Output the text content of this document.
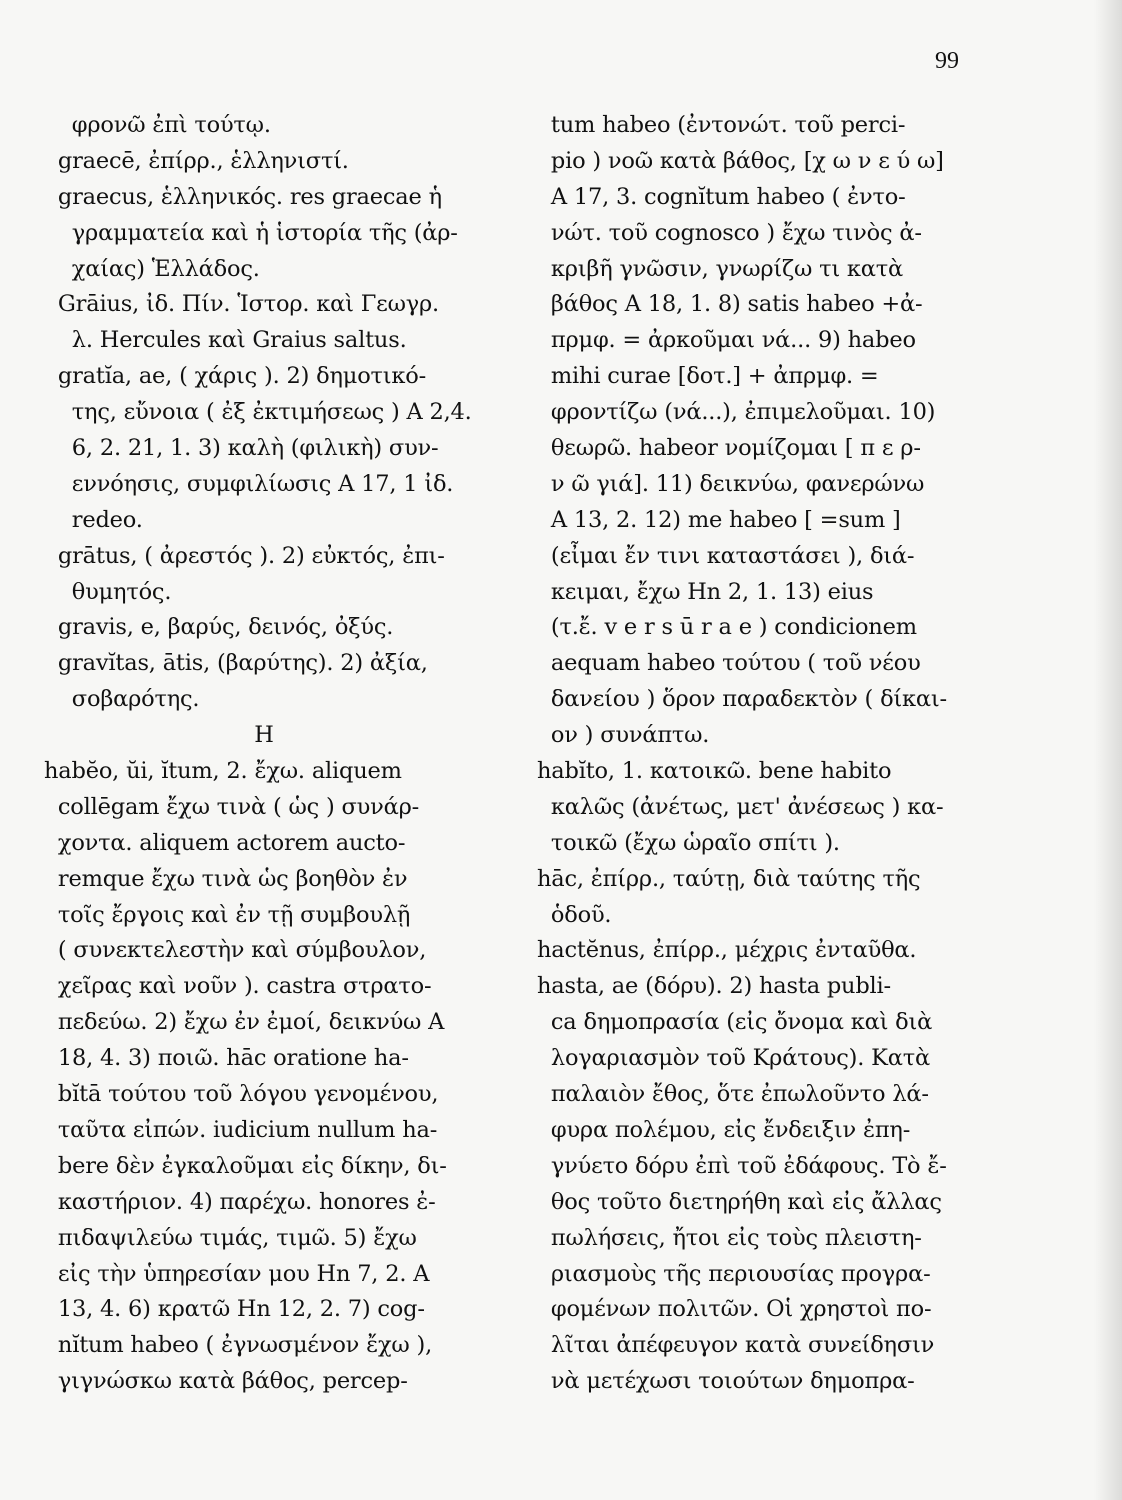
99
φρονῶ ἐπὶ τούτῳ.
graecē, ἐπίρρ., ἑλληνιστί.
graecus, ἑλληνικός. res graecae ἡ
γραμματεία καὶ ἡ ἱστορία τῆς (ἀρ-
χαίας) Ἑλλάδος.
Grāius, ἰδ. Πίν. Ἱστορ. καὶ Γεωγρ.
λ. Hercules καὶ Graius saltus.
gratĭa, ae, ( χάρις ). 2) δημοτικό-
της, εὔνοια ( ἐξ ἐκτιμήσεως ) A 2,4.
6, 2. 21, 1. 3) καλὴ (φιλικὴ) συν-
εννόησις, συμφιλίωσις A 17, 1 ἰδ.
redeo.
grātus, ( ἀρεστός ). 2) εὐκτός, ἐπι-
θυμητός.
gravis, e, βαρύς, δεινός, ὀξύς.
gravĭtas, ātis, (βαρύτης). 2) ἀξία,
σοβαρότης.
H
habĕo, ŭi, ĭtum, 2. ἔχω. aliquem
collēgam ἔχω τινὰ ( ὡς ) συνάρ-
χοντα. aliquem actorem aucto-
remque ἔχω τινὰ ὡς βοηθὸν ἐν
τοῖς ἔργοις καὶ ἐν τῇ συμβουλῇ
( συνεκτελεστὴν καὶ σύμβουλον,
χεῖρας καὶ νοῦν ). castra στρατο-
πεδεύω. 2) ἔχω ἐν ἐμοί, δεικνύω A
18, 4. 3) ποιῶ. hāc oratione ha-
bĭtā τούτου τοῦ λόγου γενομένου,
ταῦτα εἰπών. iudicium nullum ha-
bere δὲν ἐγκαλοῦμαι εἰς δίκην, δι-
καστήριον. 4) παρέχω. honores ἐ-
πιδαψιλεύω τιμάς, τιμῶ. 5) ἔχω
εἰς τὴν ὑπηρεσίαν μου Hn 7, 2. A
13, 4. 6) κρατῶ Hn 12, 2. 7) cog-
nĭtum habeo ( ἐγνωσμένον ἔχω ),
γιγνώσκω κατὰ βάθος, percep-
tum habeo (ἐντονώτ. τοῦ perci-
pio ) νοῶ κατὰ βάθος, [χ ω ν ε ύ ω]
A 17, 3. cognĭtum habeo ( ἐντο-
νώτ. τοῦ cognosco ) ἔχω τινὸς ἀ-
κριβῆ γνῶσιν, γνωρίζω τι κατὰ
βάθος A 18, 1. 8) satis habeo +ἀ-
πρμφ. = ἀρκοῦμαι νά... 9) habeo
mihi curae [δοτ.] + ἀπρμφ. =
φροντίζω (νά...), ἐπιμελοῦμαι. 10)
θεωρῶ. habeor νομίζομαι [ π ε ρ-
ν ῶ γιά]. 11) δεικνύω, φανερώνω
A 13, 2. 12) me habeo [ =sum ]
(εἶμαι ἔν τινι καταστάσει ), διά-
κειμαι, ἔχω Hn 2, 1. 13) eius
(τ.ἔ. v e r s ū r a e ) condicionem
aequam habeo τούτου ( τοῦ νέου
δανείου ) ὅρον παραδεκτὸν ( δίκαι-
ον ) συνάπτω.
habĭto, 1. κατοικῶ. bene habito
καλῶς (ἀνέτως, μετ' ἀνέσεως ) κα-
τοικῶ (ἔχω ὡραῖο σπίτι ).
hāc, ἐπίρρ., ταύτῃ, διὰ ταύτης τῆς
ὁδοῦ.
hactĕnus, ἐπίρρ., μέχρις ἐνταῦθα.
hasta, ae (δόρυ). 2) hasta publi-
ca δημοπρασία (εἰς ὄνομα καὶ διὰ
λογαριασμὸν τοῦ Κράτους). Κατὰ
παλαιὸν ἔθος, ὅτε ἐπωλοῦντο λά-
φυρα πολέμου, εἰς ἔνδειξιν ἐπη-
γνύετο δόρυ ἐπὶ τοῦ ἐδάφους. Τὸ ἔ-
θος τοῦτο διετηρήθη καὶ εἰς ἄλλας
πωλήσεις, ἤτοι εἰς τοὺς πλειστη-
ριασμοὺς τῆς περιουσίας προγρα-
φομένων πολιτῶν. Οἱ χρηστοὶ πο-
λῖται ἀπέφευγον κατὰ συνείδησιν
νὰ μετέχωσι τοιούτων δημοπρα-
